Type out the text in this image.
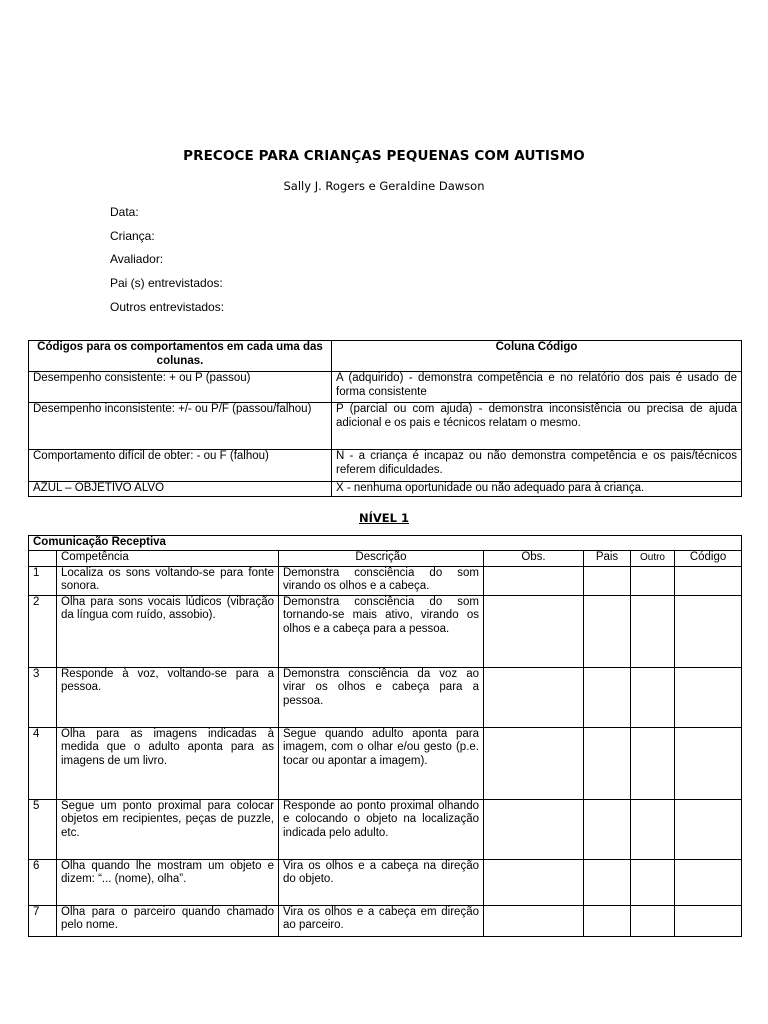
PRECOCE PARA CRIANÇAS PEQUENAS COM AUTISMO
Sally J. Rogers e Geraldine Dawson
Data:
Criança:
Avaliador:
Pai (s) entrevistados:
Outros entrevistados:
Códigos para os comportamentos em cada uma das colunas.	Coluna Código
Desempenho consistente: + ou P (passou)	A (adquirido) - demonstra competência e no relatório dos pais é usado de forma consistente
Desempenho inconsistente: +/- ou P/F (passou/falhou)	P (parcial ou com ajuda) - demonstra inconsistência ou precisa de ajuda adicional e os pais e técnicos relatam o mesmo.
Comportamento difícil de obter: - ou F (falhou)	N - a criança é incapaz ou não demonstra competência e os pais/técnicos referem dificuldades.
AZUL – OBJETIVO ALVO	X - nenhuma oportunidade ou não adequado para à criança.
NÍVEL 1
Comunicação Receptiva						
	Competência	Descrição	Obs.	Pais	Outro	Código
1	Localiza os sons voltando-se para fonte sonora.	Demonstra consciência do som virando os olhos e a cabeça.				
2	Olha para sons vocais lúdicos (vibração da língua com ruído, assobio).	Demonstra consciência do som tornando-se mais ativo, virando os olhos e a cabeça para a pessoa.				
3	Responde à voz, voltando-se para a pessoa.	Demonstra consciência da voz ao virar os olhos e cabeça para a pessoa.				
4	Olha para as imagens indicadas à medida que o adulto aponta para as imagens de um livro.	Segue quando adulto aponta para imagem, com o olhar e/ou gesto (p.e. tocar ou apontar a imagem).				
5	Segue um ponto proximal para colocar objetos em recipientes, peças de puzzle, etc.	Responde ao ponto proximal olhando e colocando o objeto na localização indicada pelo adulto.				
6	Olha quando lhe mostram um objeto e dizem: “... (nome), olha”.	Vira os olhos e a cabeça na direção do objeto.				
7	Olha para o parceiro quando chamado pelo nome.	Vira os olhos e a cabeça em direção ao parceiro.				
